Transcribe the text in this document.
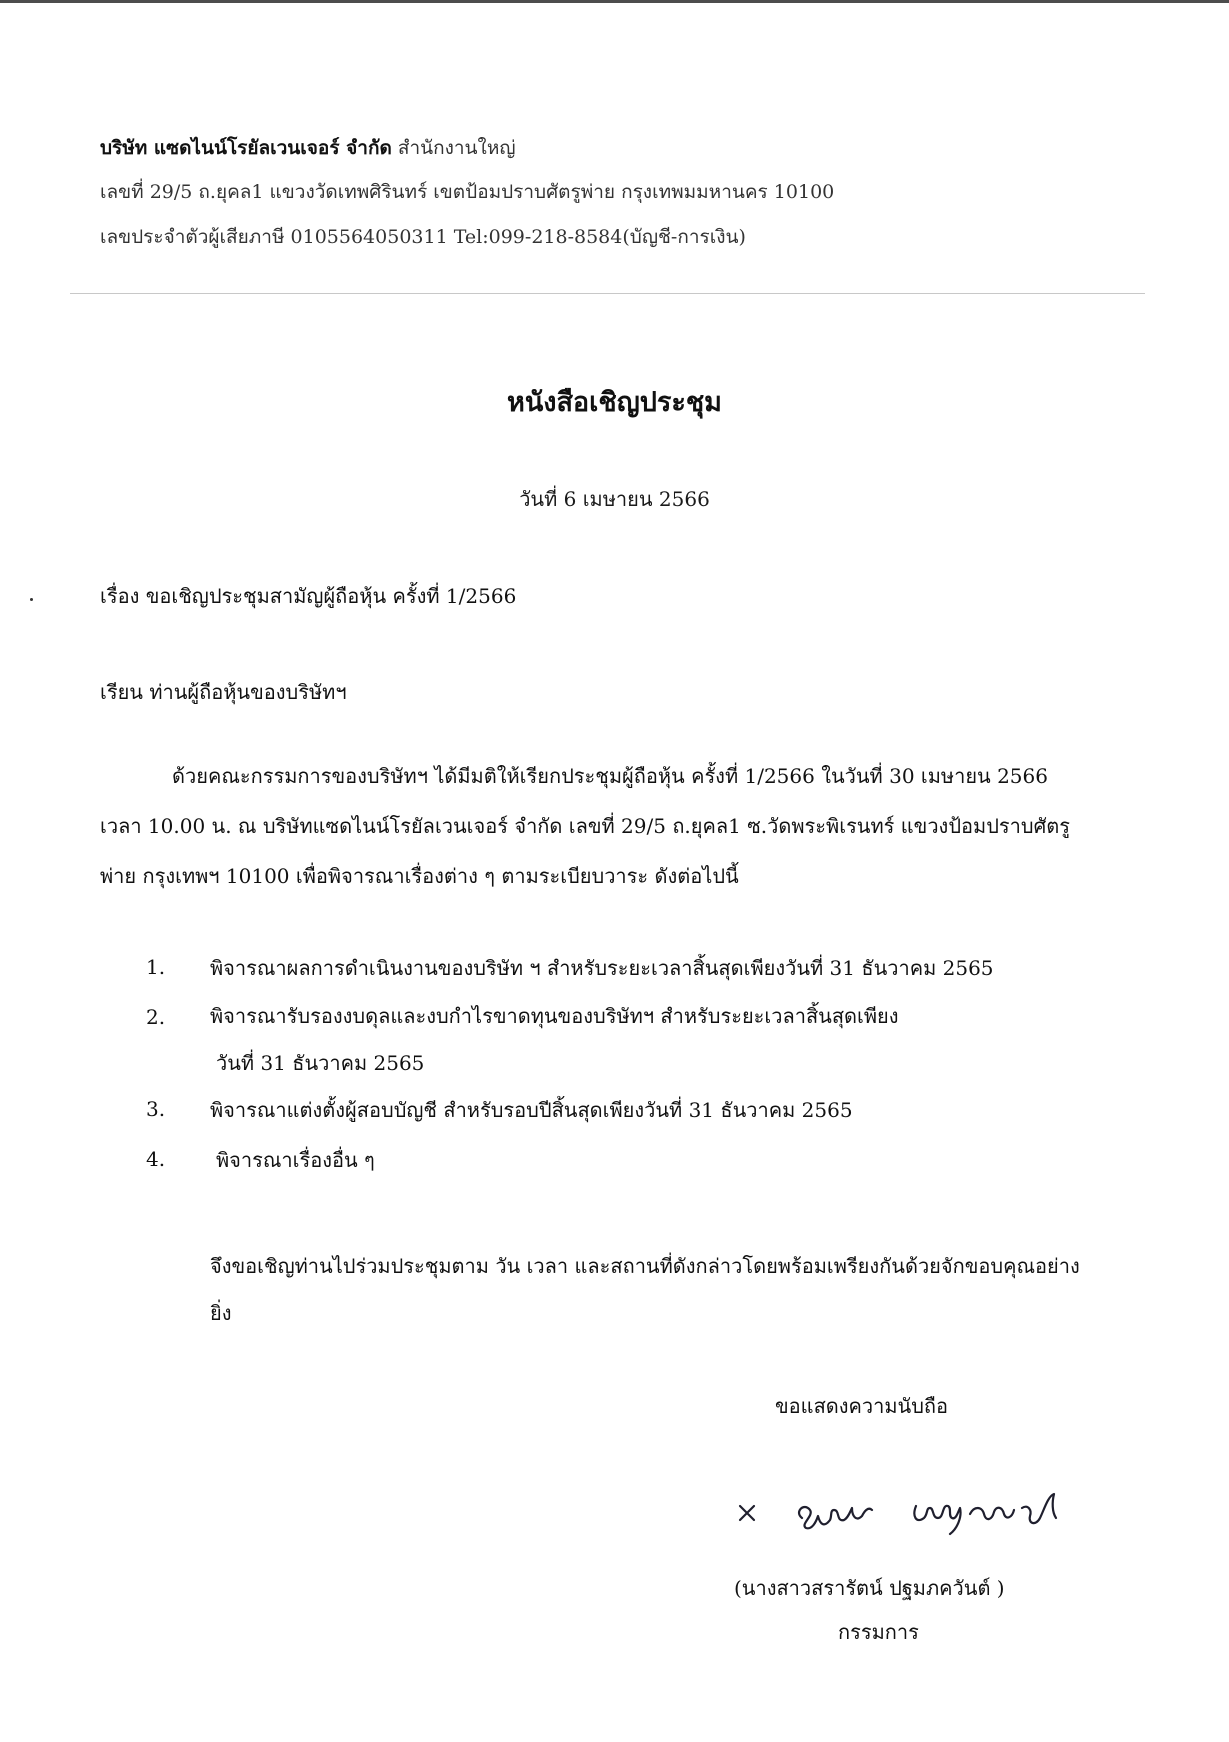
บริษัท แซดไนน์โรยัลเวนเจอร์ จำกัด สำนักงานใหญ่
เลขที่ 29/5 ถ.ยุคล1 แขวงวัดเทพศิรินทร์ เขตป้อมปราบศัตรูพ่าย กรุงเทพมมหานคร 10100
เลขประจำตัวผู้เสียภาษี 0105564050311 Tel:099-218-8584(บัญชี-การเงิน)
หนังสือเชิญประชุม
วันที่ 6 เมษายน 2566
เรื่อง ขอเชิญประชุมสามัญผู้ถือหุ้น ครั้งที่ 1/2566
เรียน ท่านผู้ถือหุ้นของบริษัทฯ
ด้วยคณะกรรมการของบริษัทฯ ได้มีมติให้เรียกประชุมผู้ถือหุ้น ครั้งที่ 1/2566 ในวันที่ 30 เมษายน 2566
เวลา 10.00 น. ณ บริษัทแซดไนน์โรยัลเวนเจอร์ จำกัด เลขที่ 29/5 ถ.ยุคล1 ซ.วัดพระพิเรนทร์ แขวงป้อมปราบศัตรู
พ่าย กรุงเทพฯ 10100 เพื่อพิจารณาเรื่องต่าง ๆ ตามระเบียบวาระ ดังต่อไปนี้
1. พิจารณาผลการดำเนินงานของบริษัท ฯ สำหรับระยะเวลาสิ้นสุดเพียงวันที่ 31 ธันวาคม 2565
2. พิจารณารับรองงบดุลและงบกำไรขาดทุนของบริษัทฯ สำหรับระยะเวลาสิ้นสุดเพียง
วันที่ 31 ธันวาคม 2565
3. พิจารณาแต่งตั้งผู้สอบบัญชี สำหรับรอบปีสิ้นสุดเพียงวันที่ 31 ธันวาคม 2565
4.	พิจารณาเรื่องอื่น ๆ
จึงขอเชิญท่านไปร่วมประชุมตาม วัน เวลา และสถานที่ดังกล่าวโดยพร้อมเพรียงกันด้วยจักขอบคุณอย่าง
ยิ่ง
ขอแสดงความนับถือ
(นางสาวสรารัตน์ ปฐมภควันต์ )
กรรมการ
